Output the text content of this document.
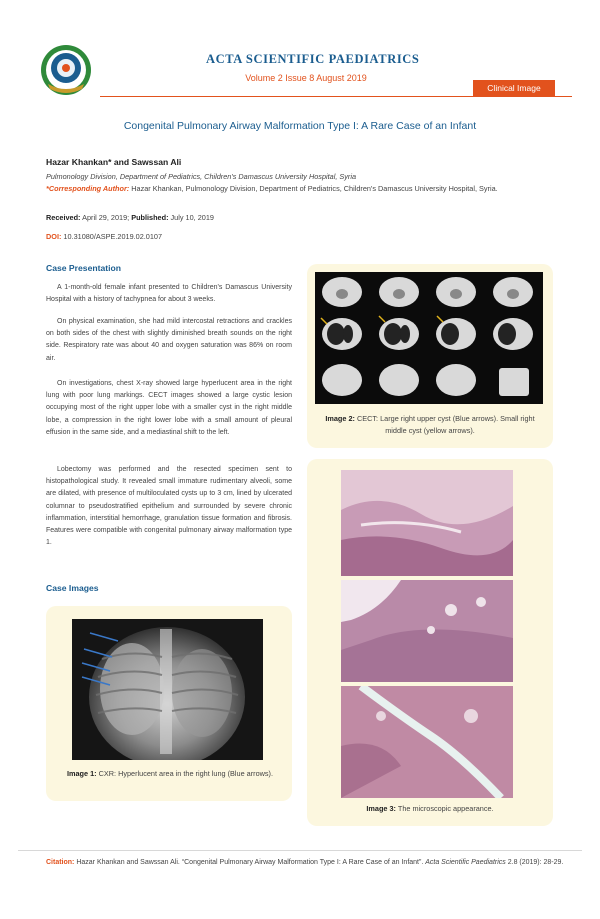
ACTA SCIENTIFIC PAEDIATRICS
Volume 2 Issue 8 August 2019
Clinical Image
Congenital Pulmonary Airway Malformation Type I: A Rare Case of an Infant
Hazar Khankan* and Sawssan Ali
Pulmonology Division, Department of Pediatrics, Children's Damascus University Hospital, Syria
*Corresponding Author: Hazar Khankan, Pulmonology Division, Department of Pediatrics, Children's Damascus University Hospital, Syria.
Received: April 29, 2019; Published: July 10, 2019
DOI: 10.31080/ASPE.2019.02.0107
Case Presentation
A 1-month-old female infant presented to Children's Damascus University Hospital with a history of tachypnea for about 3 weeks.
On physical examination, she had mild intercostal retractions and crackles on both sides of the chest with slightly diminished breath sounds on the right side. Respiratory rate was about 40 and oxygen saturation was 86% on room air.
On investigations, chest X-ray showed large hyperlucent area in the right lung with poor lung markings. CECT images showed a large cystic lesion occupying most of the right upper lobe with a smaller cyst in the right middle lobe, a compression in the right lower lobe with a small amount of pleural effusion in the same side, and a mediastinal shift to the left.
Lobectomy was performed and the resected specimen sent to histopathological study. It revealed small immature rudimentary alveoli, some are dilated, with presence of multiloculated cysts up to 3 cm, lined by ulcerated columnar to pseudostratified epithelium and surrounded by severe chronic inflammation, interstitial hemorrhage, granulation tissue formation and fibrosis. Features were compatible with congenital pulmonary airway malformation type 1.
Case Images
Image 1: CXR: Hyperlucent area in the right lung (Blue arrows).
Image 2: CECT: Large right upper cyst (Blue arrows). Small right middle cyst (yellow arrows).
Image 3: The microscopic appearance.
Citation: Hazar Khankan and Sawssan Ali. “Congenital Pulmonary Airway Malformation Type I: A Rare Case of an Infant”. Acta Scientific Paediatrics 2.8 (2019): 28-29.
